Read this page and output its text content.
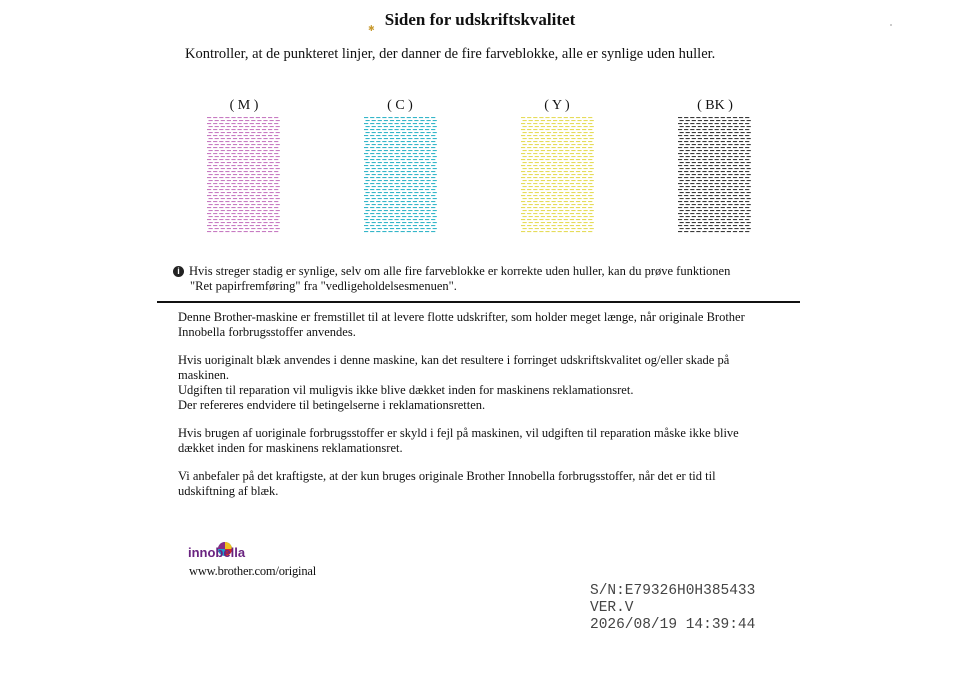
✱ Siden for udskriftskvalitet
Kontroller, at de punkteret linjer, der danner de fire farveblokke, alle er synlige uden huller.
( M )	( C )	( Y )	( BK )
i Hvis streger stadig er synlige, selv om alle fire farveblokke er korrekte uden huller, kan du prøve funktionen
"Ret papirfremføring" fra "vedligeholdelsesmenuen".
Denne Brother-maskine er fremstillet til at levere flotte udskrifter, som holder meget længe, når originale Brother
Innobella forbrugsstoffer anvendes.
Hvis uoriginalt blæk anvendes i denne maskine, kan det resultere i forringet udskriftskvalitet og/eller skade på
maskinen.
Udgiften til reparation vil muligvis ikke blive dækket inden for maskinens reklamationsret.
Der refereres endvidere til betingelserne i reklamationsretten.
Hvis brugen af uoriginale forbrugsstoffer er skyld i fejl på maskinen, vil udgiften til reparation måske ikke blive
dækket inden for maskinens reklamationsret.
Vi anbefaler på det kraftigste, at der kun bruges originale Brother Innobella forbrugsstoffer, når det er tid til
udskiftning af blæk.
innobella
www.brother.com/original
S/N:E79326H0H385433
VER.V
2026/08/19 14:39:44
